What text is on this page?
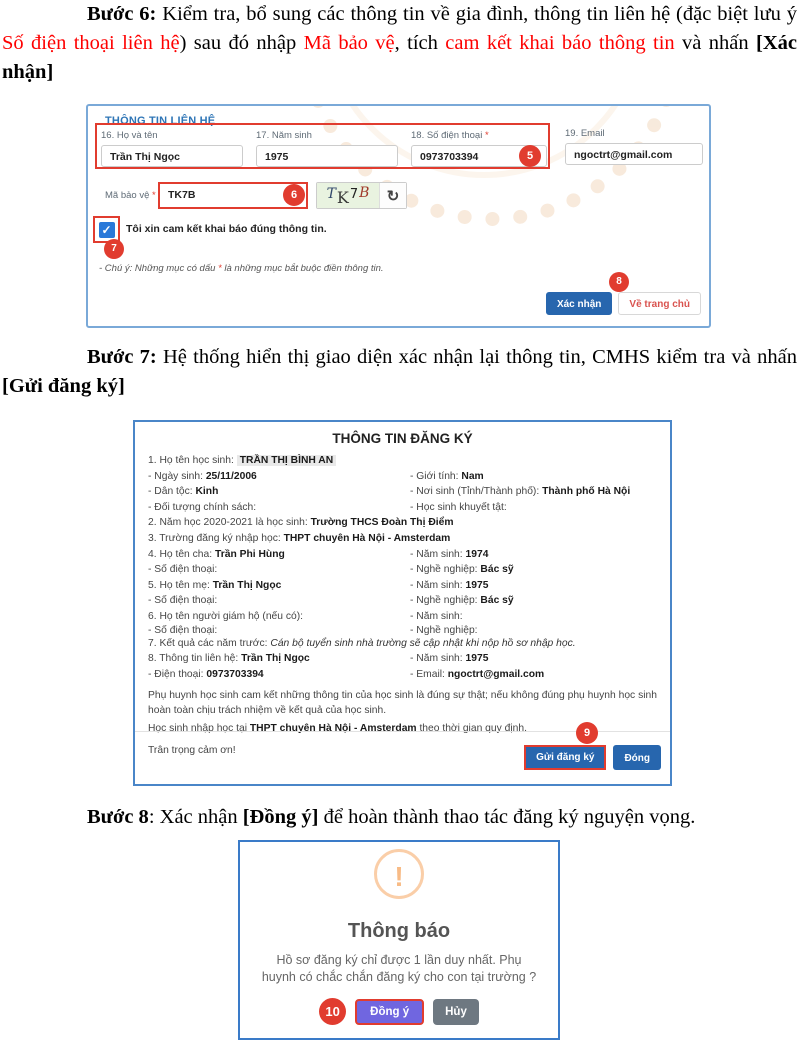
Bước 6: Kiểm tra, bổ sung các thông tin về gia đình, thông tin liên hệ (đặc biệt lưu ý Số điện thoại liên hệ) sau đó nhập Mã bảo vệ, tích cam kết khai báo thông tin và nhấn [Xác nhận]

THÔNG TIN LIÊN HỆ
16. Họ và tên
Trần Thị Ngọc
17. Năm sinh
1975
18. Số điện thoại *
0973703394	5
19. Email
ngoctrt@gmail.com
Mã bảo vệ *	TK7B	6	T K 7 B	↻
✓ Tôi xin cam kết khai báo đúng thông tin.
7
- Chú ý: Những mục có dấu * là những mục bắt buộc điền thông tin.
8
Xác nhận	Về trang chủ

Bước 7: Hệ thống hiển thị giao diện xác nhận lại thông tin, CMHS kiểm tra và nhấn [Gửi đăng ký]

THÔNG TIN ĐĂNG KÝ
1. Họ tên học sinh: TRẦN THỊ BÌNH AN
- Ngày sinh: 25/11/2006	- Giới tính: Nam
- Dân tộc: Kinh	- Nơi sinh (Tỉnh/Thành phố): Thành phố Hà Nội
- Đối tượng chính sách:	- Học sinh khuyết tật:
2. Năm học 2020-2021 là học sinh: Trường THCS Đoàn Thị Điểm
3. Trường đăng ký nhập học: THPT chuyên Hà Nội - Amsterdam
4. Họ tên cha: Trần Phi Hùng	- Năm sinh: 1974
- Số điện thoại:	- Nghề nghiệp: Bác sỹ
5. Họ tên mẹ: Trần Thị Ngọc	- Năm sinh: 1975
- Số điện thoại:	- Nghề nghiệp: Bác sỹ
6. Họ tên người giám hộ (nếu có):	- Năm sinh:
- Số điện thoại:	- Nghề nghiệp:
7. Kết quả các năm trước: Cán bộ tuyển sinh nhà trường sẽ cập nhật khi nộp hồ sơ nhập học.
8. Thông tin liên hệ: Trần Thị Ngọc	- Năm sinh: 1975
- Điện thoại: 0973703394	- Email: ngoctrt@gmail.com
Phụ huynh học sinh cam kết những thông tin của học sinh là đúng sự thật; nếu không đúng phụ huynh học sinh hoàn toàn chịu trách nhiệm về kết quả của học sinh.
Học sinh nhập học tại THPT chuyên Hà Nội - Amsterdam theo thời gian quy định.
Trân trọng cảm ơn!
9
Gửi đăng ký	Đóng

Bước 8: Xác nhận [Đồng ý] để hoàn thành thao tác đăng ký nguyện vọng.

!
Thông báo
Hồ sơ đăng ký chỉ được 1 lần duy nhất. Phụ huynh có chắc chắn đăng ký cho con tại trường ?
10	Đồng ý	Hủy
